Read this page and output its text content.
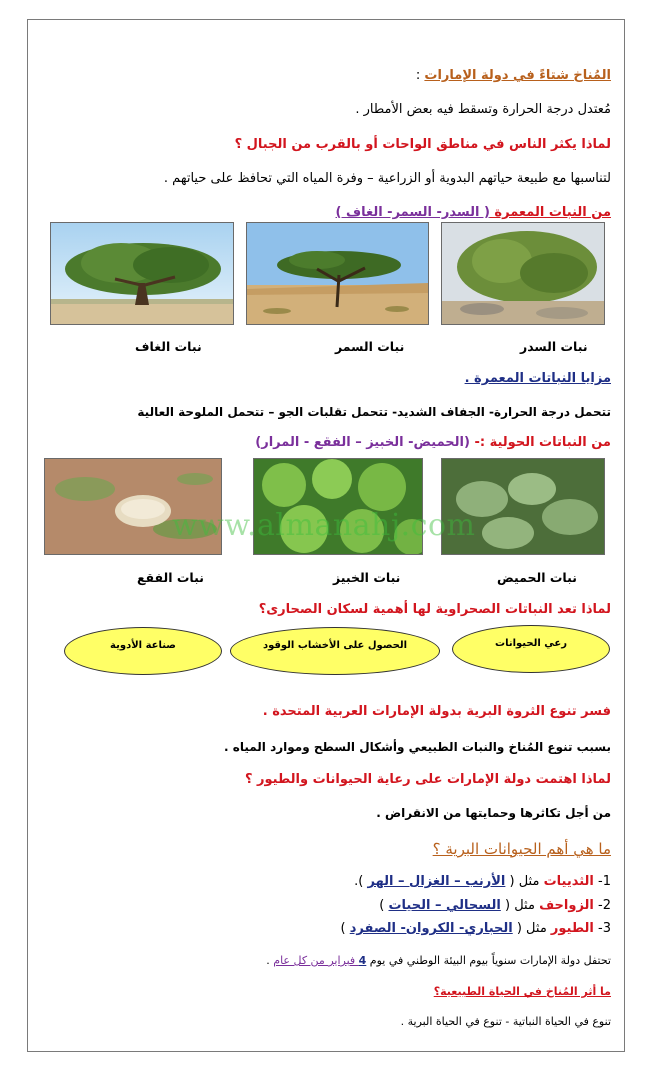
المُناخ شتاءً في دولة الإمارات :
مُعتدل درجة الحرارة وتسقط فيه بعض الأمطار .
لماذا يكثر الناس في مناطق الواحات أو بالقرب من الجبال ؟
لتناسبها مع طبيعة حياتهم البدوية أو الزراعية – وفرة المياه التي تحافظ على حياتهم .
من النبات المعمرة ( السدر- السمر- الغاف )
نبات الغاف	نبات السمر	نبات السدر
مزايا النباتات المعمرة .
تتحمل درجة الحرارة- الجفاف الشديد- تتحمل تقلبات الجو – تتحمل الملوحة العالية
من النباتات الحولية :- (الحميض- الخبيز – الفقع - المرار)
www.almanahj.com
نبات الفقع	نبات الخبيز	نبات الحميض
لماذا تعد النباتات الصحراوية لها أهمية لسكان الصحارى؟
صناعة الأدوية	الحصول على الأخشاب الوقود	رعي الحيوانات
فسر تنوع الثروة البرية بدولة الإمارات العربية المتحدة .
بسبب تنوع المُناخ والنبات الطبيعي وأشكال السطح وموارد المياه .
لماذا اهتمت دولة الإمارات على رعاية الحيوانات والطيور ؟
من أجل تكاثرها وحمايتها من الانقراض .
ما هي أهم الحيوانات البرية ؟
1- الثدييات مثل ( الأرنب – الغزال – الهر ).
2- الزواحف مثل ( السحالي – الحيات )
3- الطيور مثل ( الحباري- الكروان- الصفرد )
تحتفل دولة الإمارات سنوياً بيوم البيئة الوطني في يوم 4 فبراير من كل عام .
ما أثر المُناخ في الحياة الطبيعية؟
تنوع في الحياة النباتية - تنوع في الحياة البرية .
